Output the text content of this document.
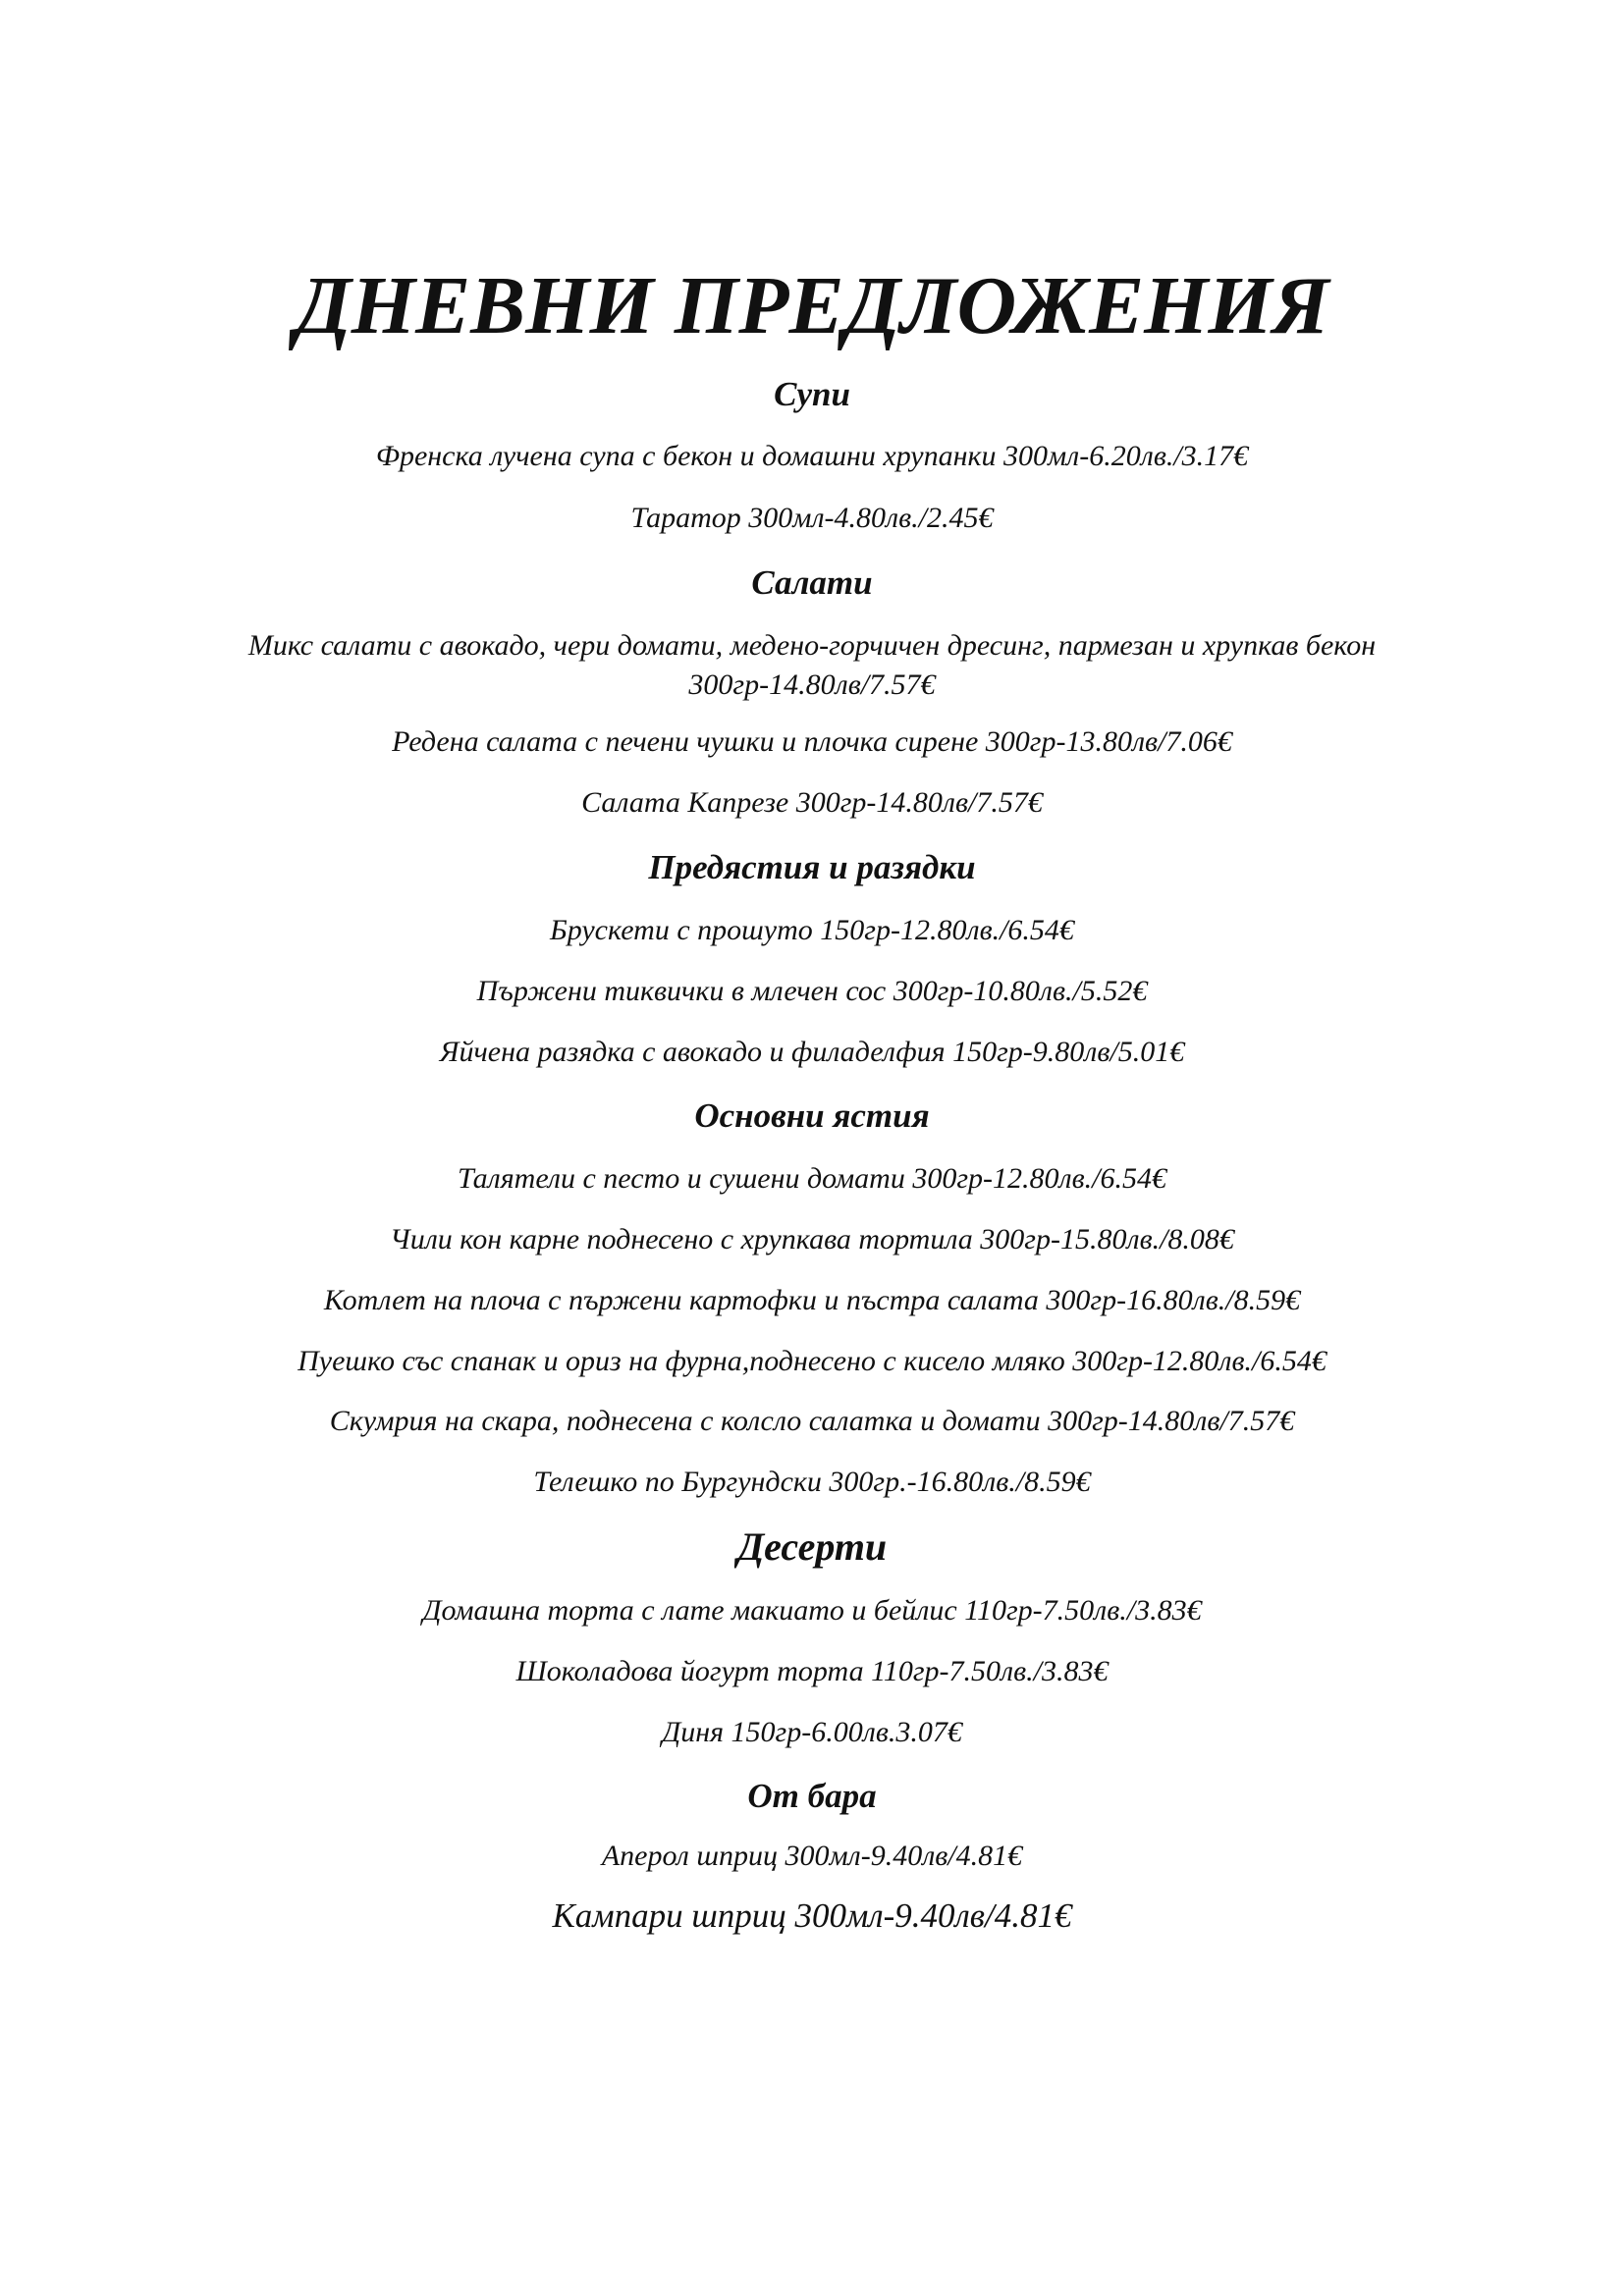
ДНЕВНИ ПРЕДЛОЖЕНИЯ
Супи
Френска лучена супа с бекон и домашни хрупанки 300мл-6.20лв./3.17€
Таратор 300мл-4.80лв./2.45€
Салати
Микс салати с авокадо, чери домати, медено-горчичен дресинг, пармезан и хрупкав бекон 300гр-14.80лв/7.57€
Редена салата с печени чушки и плочка сирене 300гр-13.80лв/7.06€
Салата Капрезе 300гр-14.80лв/7.57€
Предястия и разядки
Брускети с прошуто 150гр-12.80лв./6.54€
Пържени тиквички в млечен сос 300гр-10.80лв./5.52€
Яйчена разядка с авокадо и филаделфия 150гр-9.80лв/5.01€
Основни ястия
Талятели с песто и сушени домати 300гр-12.80лв./6.54€
Чили кон карне поднесено с хрупкава тортила 300гр-15.80лв./8.08€
Котлет на плоча с пържени картофки и пъстра салата 300гр-16.80лв./8.59€
Пуешко със спанак и ориз на фурна,поднесено с кисело мляко 300гр-12.80лв./6.54€
Скумрия на скара, поднесена с колсло салатка и домати 300гр-14.80лв/7.57€
Телешко по Бургундски 300гр.-16.80лв./8.59€
Десерти
Домашна торта с лате макиато и бейлис 110гр-7.50лв./3.83€
Шоколадова йогурт торта 110гр-7.50лв./3.83€
Диня 150гр-6.00лв.3.07€
От бара
Аперол шприц 300мл-9.40лв/4.81€
Кампари шприц 300мл-9.40лв/4.81€
